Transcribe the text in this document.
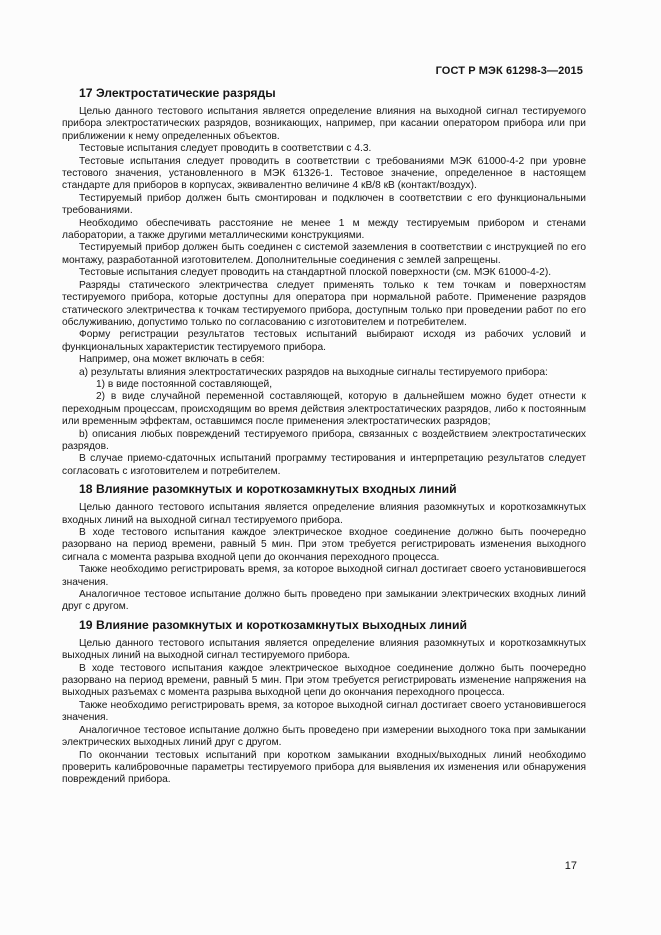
ГОСТ Р МЭК 61298-3—2015
17 Электростатические разряды

Целью данного тестового испытания является определение влияния на выходной сигнал тестируемого прибора электростатических разрядов, возникающих, например, при касании оператором прибора или при приближении к нему определенных объектов.

Тестовые испытания следует проводить в соответствии с 4.3.

Тестовые испытания следует проводить в соответствии с требованиями МЭК 61000-4-2 при уровне тестового значения, установленного в МЭК 61326-1. Тестовое значение, определенное в настоящем стандарте для приборов в корпусах, эквивалентно величине 4 кВ/8 кВ (контакт/воздух).

Тестируемый прибор должен быть смонтирован и подключен в соответствии с его функциональными требованиями.

Необходимо обеспечивать расстояние не менее 1 м между тестируемым прибором и стенами лаборатории, а также другими металлическими конструкциями.

Тестируемый прибор должен быть соединен с системой заземления в соответствии с инструкцией по его монтажу, разработанной изготовителем. Дополнительные соединения с землей запрещены.

Тестовые испытания следует проводить на стандартной плоской поверхности (см. МЭК 61000-4-2).

Разряды статического электричества следует применять только к тем точкам и поверхностям тестируемого прибора, которые доступны для оператора при нормальной работе. Применение разрядов статического электричества к точкам тестируемого прибора, доступным только при проведении работ по его обслуживанию, допустимо только по согласованию с изготовителем и потребителем.

Форму регистрации результатов тестовых испытаний выбирают исходя из рабочих условий и функциональных характеристик тестируемого прибора.

Например, она может включать в себя:

а) результаты влияния электростатических разрядов на выходные сигналы тестируемого прибора:

1) в виде постоянной составляющей,

2) в виде случайной переменной составляющей, которую в дальнейшем можно будет отнести к переходным процессам, происходящим во время действия электростатических разрядов, либо к постоянным или временным эффектам, оставшимся после применения электростатических разрядов;

b) описания любых повреждений тестируемого прибора, связанных с воздействием электростатических разрядов.

В случае приемо-сдаточных испытаний программу тестирования и интерпретацию результатов следует согласовать с изготовителем и потребителем.

18 Влияние разомкнутых и короткозамкнутых входных линий

Целью данного тестового испытания является определение влияния разомкнутых и короткозамкнутых входных линий на выходной сигнал тестируемого прибора.

В ходе тестового испытания каждое электрическое входное соединение должно быть поочередно разорвано на период времени, равный 5 мин. При этом требуется регистрировать изменения выходного сигнала с момента разрыва входной цепи до окончания переходного процесса.

Также необходимо регистрировать время, за которое выходной сигнал достигает своего установившегося значения.

Аналогичное тестовое испытание должно быть проведено при замыкании электрических входных линий друг с другом.

19 Влияние разомкнутых и короткозамкнутых выходных линий

Целью данного тестового испытания является определение влияния разомкнутых и короткозамкнутых выходных линий на выходной сигнал тестируемого прибора.

В ходе тестового испытания каждое электрическое выходное соединение должно быть поочередно разорвано на период времени, равный 5 мин. При этом требуется регистрировать изменение напряжения на выходных разъемах с момента разрыва выходной цепи до окончания переходного процесса.

Также необходимо регистрировать время, за которое выходной сигнал достигает своего установившегося значения.

Аналогичное тестовое испытание должно быть проведено при измерении выходного тока при замыкании электрических выходных линий друг с другом.

По окончании тестовых испытаний при коротком замыкании входных/выходных линий необходимо проверить калибровочные параметры тестируемого прибора для выявления их изменения или обнаружения повреждений прибора.

17
